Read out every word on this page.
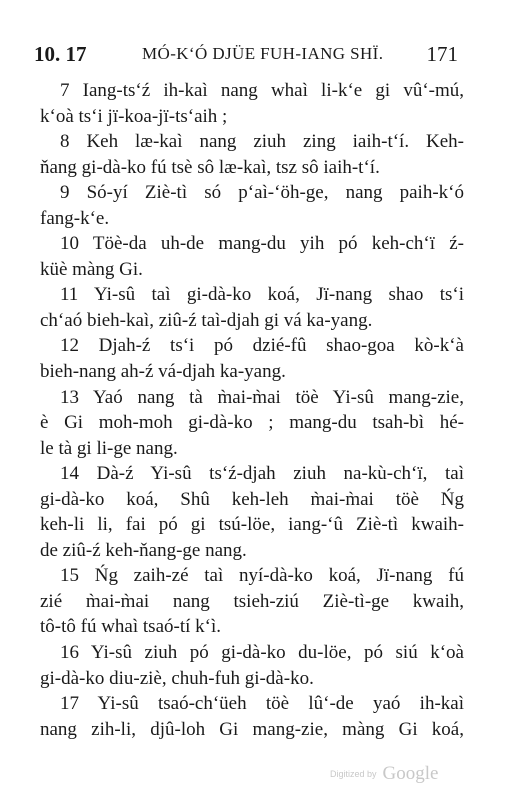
10. 17	MÓ-K‘Ó DJÜE FUH-IANG SHÏ. 171
7 Iang-ts‘ź ih-kaì nang whaì li-k‘e gi vû‘-mú,
k‘oà ts‘i jï-koa-jï-ts‘aih ;
8 Keh læ-kaì nang ziuh zing iaih-t‘í. Keh-
ňang gi-dà-ko fú tsè sô læ-kaì, tsz sô iaih-t‘í.
9 Só-yí Ziè-tì só p‘aì-‘öh-ge, nang paih-k‘ó
fang-k‘e.
10 Töè-da uh-de mang-du yih pó keh-ch‘ï ź-
küè màng Gi.
11 Yi-sû taì gi-dà-ko koá, Jï-nang shao ts‘i
ch‘aó bieh-kaì, ziû-ź taì-djah gi vá ka-yang.
12 Djah-ź ts‘i pó dzié-fû shao-goa kò-k‘à
bieh-nang ah-ź vá-djah ka-yang.
13 Yaó nang tà m̀ai-m̀ai töè Yi-sû mang-zie,
è Gi moh-moh gi-dà-ko ; mang-du tsah-bì hé-
le tà gi li-ge nang.
14 Dà-ź Yi-sû ts‘ź-djah ziuh na-kù-ch‘ï, taì
gi-dà-ko koá, Shû keh-leh m̀ai-m̀ai töè Ńg
keh-li li, fai pó gi tsú-löe, iang-‘û Ziè-tì kwaih-
de ziû-ź keh-ňang-ge nang.
15 Ńg zaih-zé taì nyí-dà-ko koá, Jï-nang fú
zié m̀ai-m̀ai nang tsieh-ziú Ziè-tì-ge kwaih,
tô-tô fú whaì tsaó-tí k‘ì.
16 Yi-sû ziuh pó gi-dà-ko du-löe, pó siú k‘oà
gi-dà-ko diu-ziè, chuh-fuh gi-dà-ko.
17 Yi-sû tsaó-ch‘üeh töè lû‘-de yaó ih-kaì
nang zih-li, djû-loh Gi mang-zie, màng Gi koá,
Digitized by Google
